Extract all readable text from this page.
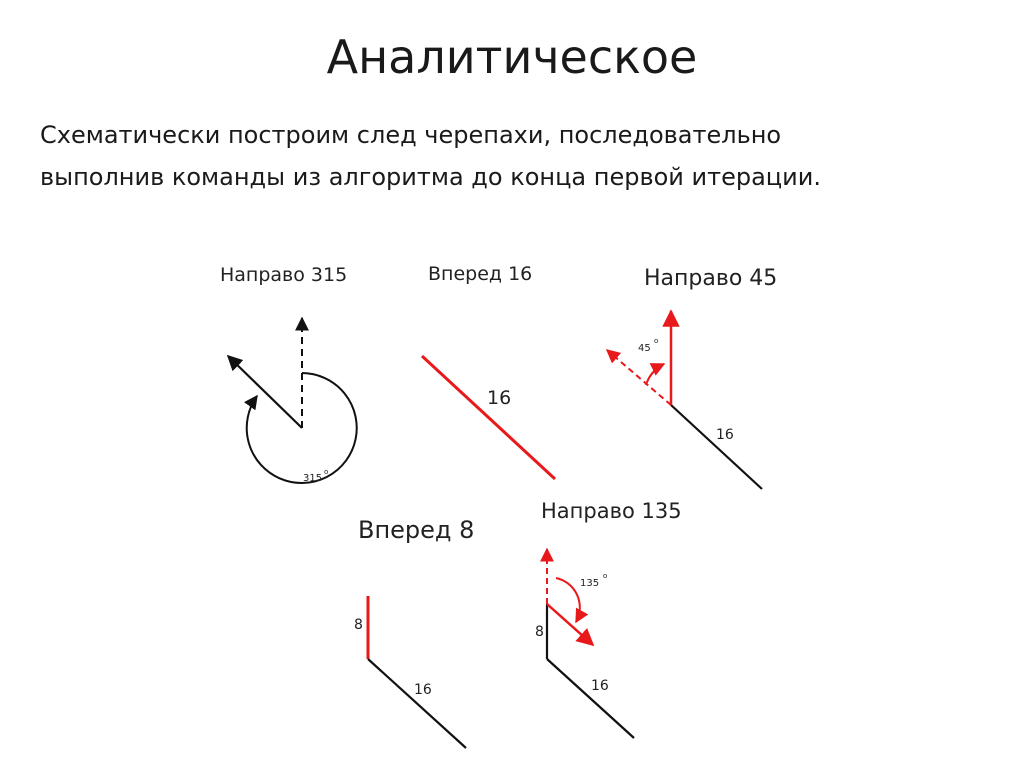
Аналитическое
Схематически построим след черепахи, последовательно
выполнив команды из алгоритма до конца первой итерации.
Направо 315
315
o
Вперед 16
16
Направо 45
45
o
16
Вперед 8
8
16
Направо 135
135
o
8
16
